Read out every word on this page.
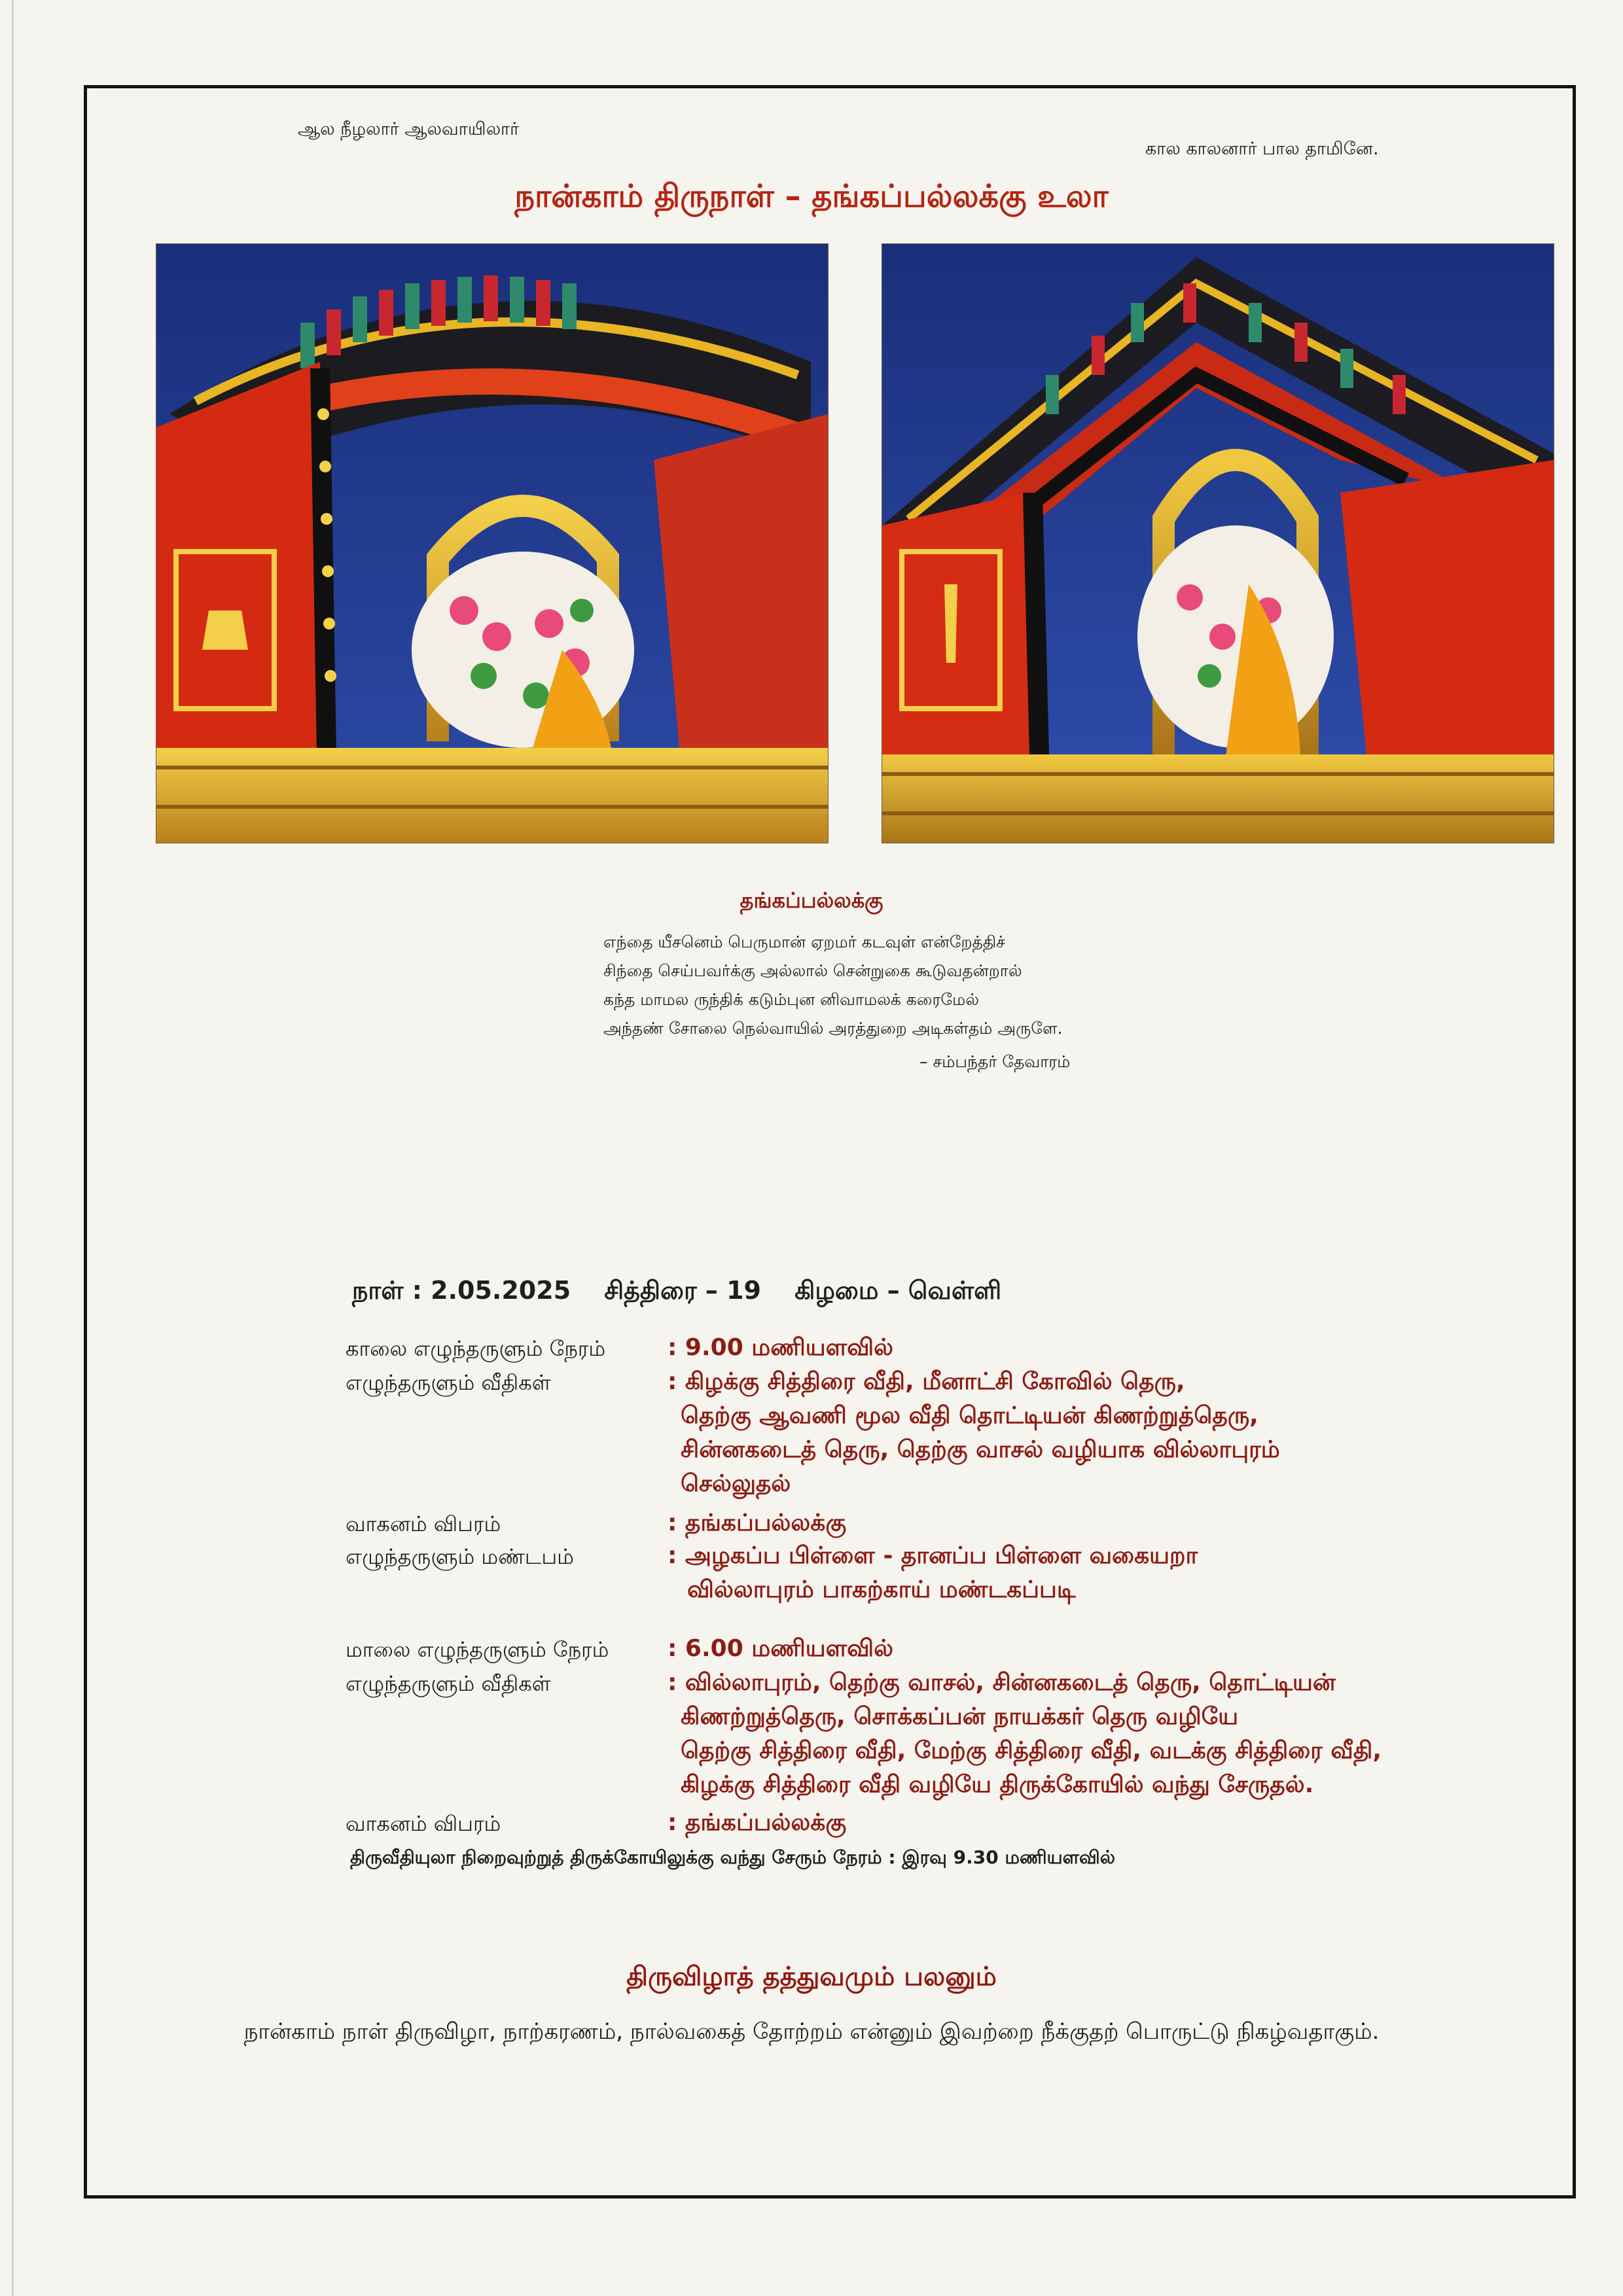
ஆல நீழலார் ஆலவாயிலார்
கால காலனார் பால தாமினே.
நான்காம் திருநாள் – தங்கப்பல்லக்கு உலா
தங்கப்பல்லக்கு
எந்தை யீசனெம் பெருமான் ஏறமர் கடவுள் என்றேத்திச்
சிந்தை செய்பவர்க்கு அல்லால் சென்றுகை கூடுவதன்றால்
கந்த மாமல ருந்திக் கடும்புன னிவாமலக் கரைமேல்
அந்தண் சோலை நெல்வாயில் அரத்துறை அடிகள்தம் அருளே.
– சம்பந்தர் தேவாரம்
நாள் : 2.05.2025 சித்திரை – 19 கிழமை – வெள்ளி
காலை எழுந்தருளும் நேரம்	: 9.00 மணியளவில்
எழுந்தருளும் வீதிகள்	: கிழக்கு சித்திரை வீதி, மீனாட்சி கோவில் தெரு,
தெற்கு ஆவணி மூல வீதி தொட்டியன் கிணற்றுத்தெரு,
சின்னகடைத் தெரு, தெற்கு வாசல் வழியாக வில்லாபுரம்
செல்லுதல்
வாகனம் விபரம்	: தங்கப்பல்லக்கு
எழுந்தருளும் மண்டபம்	: அழகப்ப பிள்ளை - தானப்ப பிள்ளை வகையறா
வில்லாபுரம் பாகற்காய் மண்டகப்படி
மாலை எழுந்தருளும் நேரம் : 6.00 மணியளவில்
எழுந்தருளும் வீதிகள்	: வில்லாபுரம், தெற்கு வாசல், சின்னகடைத் தெரு, தொட்டியன்
கிணற்றுத்தெரு, சொக்கப்பன் நாயக்கர் தெரு வழியே
தெற்கு சித்திரை வீதி, மேற்கு சித்திரை வீதி, வடக்கு சித்திரை வீதி,
கிழக்கு சித்திரை வீதி வழியே திருக்கோயில் வந்து சேருதல்.
வாகனம் விபரம்	: தங்கப்பல்லக்கு
திருவீதியுலா நிறைவுற்றுத் திருக்கோயிலுக்கு வந்து சேரும் நேரம் : இரவு 9.30 மணியளவில்
திருவிழாத் தத்துவமும் பலனும்
நான்காம் நாள் திருவிழா, நாற்கரணம், நால்வகைத் தோற்றம் என்னும் இவற்றை நீக்குதற் பொருட்டு நிகழ்வதாகும்.
